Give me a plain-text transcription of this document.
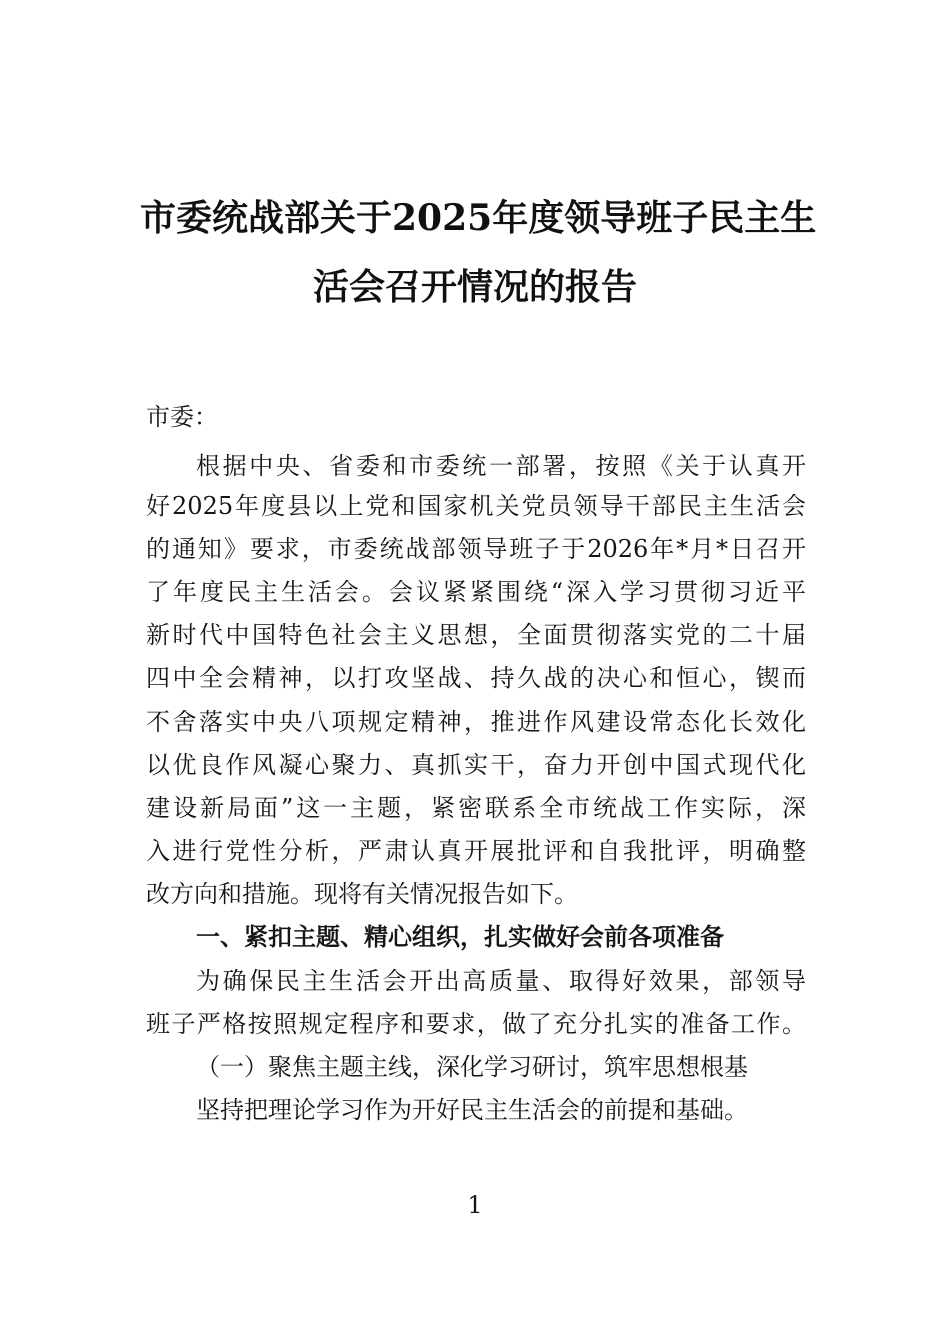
市委统战部关于2025年度领导班子民主生
活会召开情况的报告
市委：
根据中央、省委和市委统一部署，按照《关于认真开
好2025年度县以上党和国家机关党员领导干部民主生活会
的通知》要求，市委统战部领导班子于2026年*月*日召开
了年度民主生活会。会议紧紧围绕“深入学习贯彻习近平
新时代中国特色社会主义思想，全面贯彻落实党的二十届
四中全会精神，以打攻坚战、持久战的决心和恒心，锲而
不舍落实中央八项规定精神，推进作风建设常态化长效化
以优良作风凝心聚力、真抓实干，奋力开创中国式现代化
建设新局面”这一主题，紧密联系全市统战工作实际，深
入进行党性分析，严肃认真开展批评和自我批评，明确整
改方向和措施。现将有关情况报告如下。
一、紧扣主题、精心组织，扎实做好会前各项准备
为确保民主生活会开出高质量、取得好效果，部领导
班子严格按照规定程序和要求，做了充分扎实的准备工作。
（一）聚焦主题主线，深化学习研讨，筑牢思想根基
坚持把理论学习作为开好民主生活会的前提和基础。
1
